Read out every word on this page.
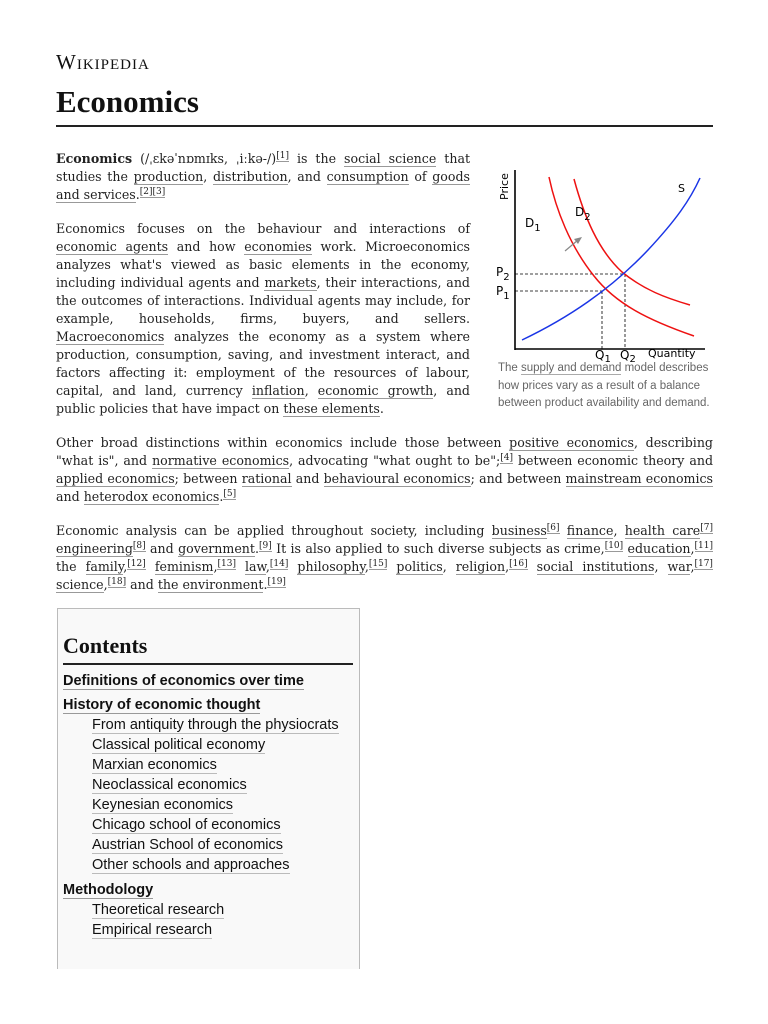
Wikipedia
Economics
Price
Quantity
S
$D_1$
$D_2$
$P_2$
$P_1$
$Q_1$ $Q_2$
The supply and demand model describes how prices vary as a result of a balance between product availability and demand.

Economics (/ˌɛkəˈnɒmɪks, ˌiːkə-/)[1] is the social science that studies the production, distribution, and consumption of goods and services.[2][3]

Economics focuses on the behaviour and interactions of economic agents and how economies work. Microeconomics analyzes what's viewed as basic elements in the economy, including individual agents and markets, their interactions, and the outcomes of interactions. Individual agents may include, for example, households, firms, buyers, and sellers. Macroeconomics analyzes the economy as a system where production, consumption, saving, and investment interact, and factors affecting it: employment of the resources of labour, capital, and land, currency inflation, economic growth, and public policies that have impact on these elements.

Other broad distinctions within economics include those between positive economics, describing "what is", and normative economics, advocating "what ought to be";[4] between economic theory and applied economics; between rational and behavioural economics; and between mainstream economics and heterodox economics.[5]

Economic analysis can be applied throughout society, including business[6] finance, health care[7] engineering[8] and government.[9] It is also applied to such diverse subjects as crime,[10] education,[11] the family,[12] feminism,[13] law,[14] philosophy,[15] politics, religion,[16] social institutions, war,[17] science,[18] and the environment.[19]

Contents
Definitions of economics over time
History of economic thought
From antiquity through the physiocrats
Classical political economy
Marxian economics
Neoclassical economics
Keynesian economics
Chicago school of economics
Austrian School of economics
Other schools and approaches
Methodology
Theoretical research
Empirical research
